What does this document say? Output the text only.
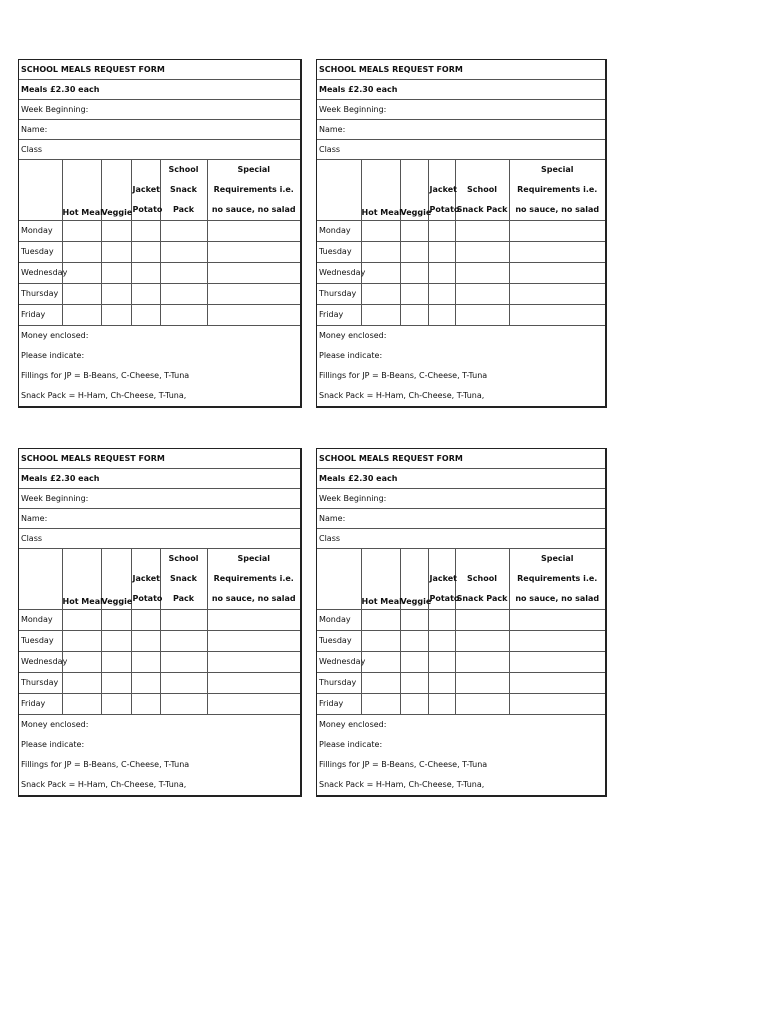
SCHOOL MEALS REQUEST FORM
Meals £2.30 each
Week Beginning:
Name:
Class
	Hot Meal	Veggie	Jacket Potato	School Snack Pack	Special Requirements i.e. no sauce, no salad
Monday					
Tuesday					
Wednesday					
Thursday					
Friday					
Money enclosed:
Please indicate:
Fillings for JP = B-Beans, C-Cheese, T-Tuna
Snack Pack = H-Ham, Ch-Cheese, T-Tuna,
SCHOOL MEALS REQUEST FORM
Meals £2.30 each
Week Beginning:
Name:
Class
	Hot Meal	Veggie	Jacket Potato	School Snack Pack	Special Requirements i.e. no sauce, no salad
Monday					
Tuesday					
Wednesday					
Thursday					
Friday					
Money enclosed:
Please indicate:
Fillings for JP = B-Beans, C-Cheese, T-Tuna
Snack Pack = H-Ham, Ch-Cheese, T-Tuna,
SCHOOL MEALS REQUEST FORM
Meals £2.30 each
Week Beginning:
Name:
Class
	Hot Meal	Veggie	Jacket Potato	School Snack Pack	Special Requirements i.e. no sauce, no salad
Monday					
Tuesday					
Wednesday					
Thursday					
Friday					
Money enclosed:
Please indicate:
Fillings for JP = B-Beans, C-Cheese, T-Tuna
Snack Pack = H-Ham, Ch-Cheese, T-Tuna,
SCHOOL MEALS REQUEST FORM
Meals £2.30 each
Week Beginning:
Name:
Class
	Hot Meal	Veggie	Jacket Potato	School Snack Pack	Special Requirements i.e. no sauce, no salad
Monday					
Tuesday					
Wednesday					
Thursday					
Friday					
Money enclosed:
Please indicate:
Fillings for JP = B-Beans, C-Cheese, T-Tuna
Snack Pack = H-Ham, Ch-Cheese, T-Tuna,
